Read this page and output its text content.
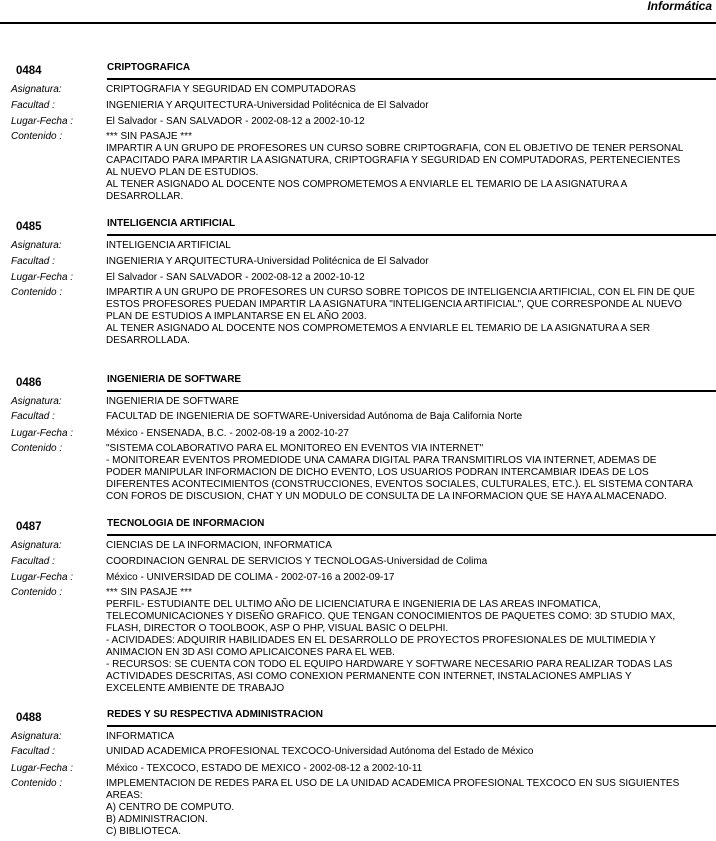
Informática
0484	CRIPTOGRAFICA
Asignatura:	CRIPTOGRAFIA Y SEGURIDAD EN COMPUTADORAS
Facultad :	INGENIERIA Y ARQUITECTURA-Universidad Politécnica de El Salvador
Lugar-Fecha :	El Salvador - SAN SALVADOR - 2002-08-12 a 2002-10-12
Contenido :	*** SIN PASAJE ***
IMPARTIR A UN GRUPO DE PROFESORES UN CURSO SOBRE CRIPTOGRAFIA, CON EL OBJETIVO DE TENER PERSONAL
CAPACITADO PARA IMPARTIR LA ASIGNATURA, CRIPTOGRAFIA Y SEGURIDAD EN COMPUTADORAS, PERTENECIENTES
AL NUEVO PLAN DE ESTUDIOS.
AL TENER ASIGNADO AL DOCENTE NOS COMPROMETEMOS A ENVIARLE EL TEMARIO DE LA ASIGNATURA A
DESARROLLAR.
0485	INTELIGENCIA ARTIFICIAL
Asignatura:	INTELIGENCIA ARTIFICIAL
Facultad :	INGENIERIA Y ARQUITECTURA-Universidad Politécnica de El Salvador
Lugar-Fecha :	El Salvador - SAN SALVADOR - 2002-08-12 a 2002-10-12
Contenido :	IMPARTIR A UN GRUPO DE PROFESORES UN CURSO SOBRE TOPICOS DE INTELIGENCIA ARTIFICIAL, CON EL FIN DE QUE
ESTOS PROFESORES PUEDAN IMPARTIR LA ASIGNATURA "INTELIGENCIA ARTIFICIAL", QUE CORRESPONDE AL NUEVO
PLAN DE ESTUDIOS A IMPLANTARSE EN EL AÑO 2003.
AL TENER ASIGNADO AL DOCENTE NOS COMPROMETEMOS A ENVIARLE EL TEMARIO DE LA ASIGNATURA A SER
DESARROLLADA.
0486	INGENIERIA DE SOFTWARE
Asignatura:	INGENIERIA DE SOFTWARE
Facultad :	FACULTAD DE INGENIERIA DE SOFTWARE-Universidad Autónoma de Baja California Norte
Lugar-Fecha :	México - ENSENADA, B.C. - 2002-08-19 a 2002-10-27
Contenido :	"SISTEMA COLABORATIVO PARA EL MONITOREO EN EVENTOS VIA INTERNET"
- MONITOREAR EVENTOS PROMEDIODE UNA CAMARA DIGITAL PARA TRANSMITIRLOS VIA INTERNET, ADEMAS DE
PODER MANIPULAR INFORMACION DE DICHO EVENTO, LOS USUARIOS PODRAN INTERCAMBIAR IDEAS DE LOS
DIFERENTES ACONTECIMIENTOS (CONSTRUCCIONES, EVENTOS SOCIALES, CULTURALES, ETC.). EL SISTEMA CONTARA
CON FOROS DE DISCUSION, CHAT Y UN MODULO DE CONSULTA DE LA INFORMACION QUE SE HAYA ALMACENADO.
0487	TECNOLOGIA DE INFORMACION
Asignatura:	CIENCIAS DE LA INFORMACION, INFORMATICA
Facultad :	COORDINACION GENRAL DE SERVICIOS Y TECNOLOGAS-Universidad de Colima
Lugar-Fecha :	México - UNIVERSIDAD DE COLIMA - 2002-07-16 a 2002-09-17
Contenido :	*** SIN PASAJE ***
PERFIL- ESTUDIANTE DEL ULTIMO AÑO DE LICIENCIATURA E INGENIERIA DE LAS AREAS INFOMATICA,
TELECOMUNICACIONES Y DISEÑO GRAFICO. QUE TENGAN CONOCIMIENTOS DE PAQUETES COMO: 3D STUDIO MAX,
FLASH, DIRECTOR O TOOLBOOK, ASP O PHP, VISUAL BASIC O DELPHI.
- ACIVIDADES: ADQUIRIR HABILIDADES EN EL DESARROLLO DE PROYECTOS PROFESIONALES DE MULTIMEDIA Y
ANIMACION EN 3D ASI COMO APLICAICONES PARA EL WEB.
- RECURSOS: SE CUENTA CON TODO EL EQUIPO HARDWARE Y SOFTWARE NECESARIO PARA REALIZAR TODAS LAS
ACTIVIDADES DESCRITAS, ASI COMO CONEXION PERMANENTE CON INTERNET, INSTALACIONES AMPLIAS Y
EXCELENTE AMBIENTE DE TRABAJO
0488	REDES Y SU RESPECTIVA ADMINISTRACION
Asignatura:	INFORMATICA
Facultad :	UNIDAD ACADEMICA PROFESIONAL TEXCOCO-Universidad Autónoma del Estado de México
Lugar-Fecha :	México - TEXCOCO, ESTADO DE MEXICO - 2002-08-12 a 2002-10-11
Contenido :	IMPLEMENTACION DE REDES PARA EL USO DE LA UNIDAD ACADEMICA PROFESIONAL TEXCOCO EN SUS SIGUIENTES
AREAS:
A) CENTRO DE COMPUTO.
B) ADMINISTRACION.
C) BIBLIOTECA.
